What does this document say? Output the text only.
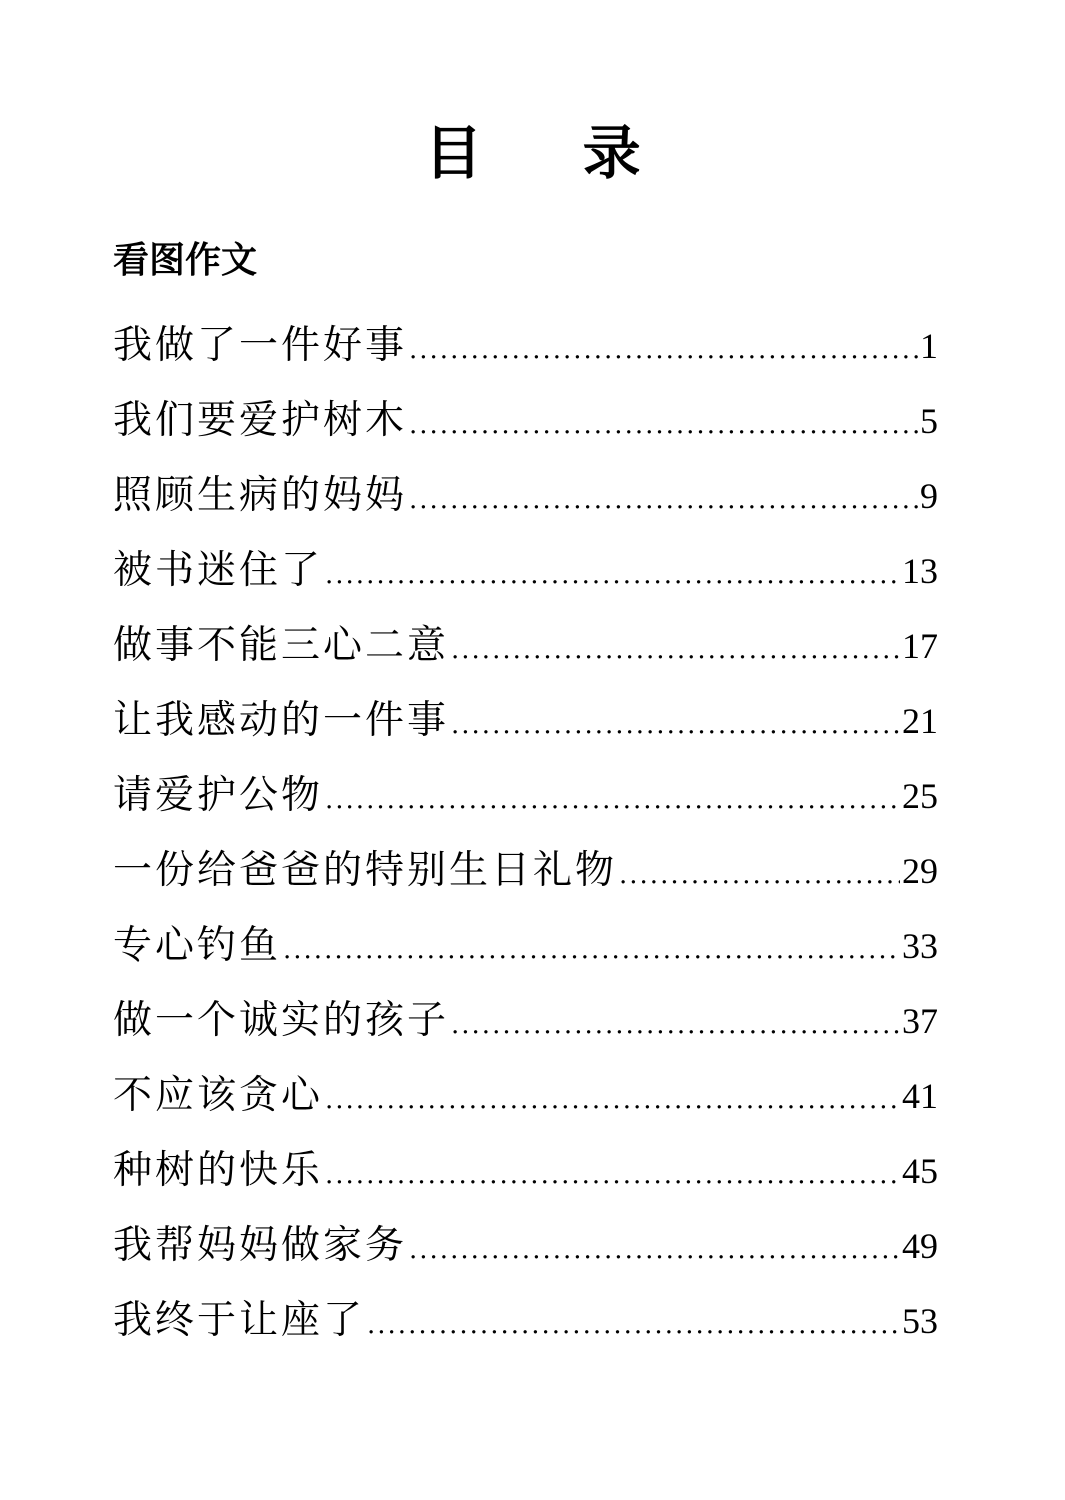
目 录
看图作文
我做了一件好事 .....	1
我们要爱护树木 .....	5
照顾生病的妈妈 .....	9
被书迷住了 .....	13
做事不能三心二意 .....	17
让我感动的一件事 .....	21
请爱护公物 .....	25
一份给爸爸的特别生日礼物 .....	29
专心钓鱼 .....	33
做一个诚实的孩子 .....	37
不应该贪心 .....	41
种树的快乐 .....	45
我帮妈妈做家务 .....	49
我终于让座了 .....	53
